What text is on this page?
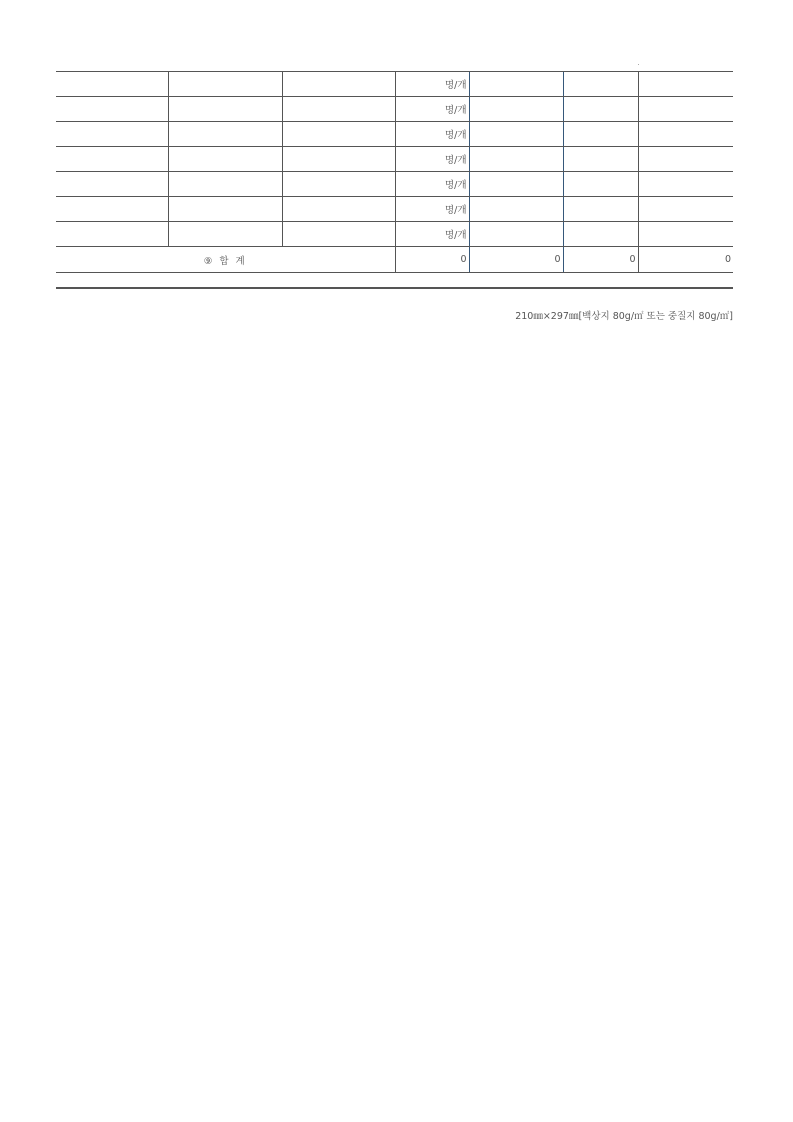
			명/개			
			명/개			
			명/개			
			명/개			
			명/개			
			명/개			
			명/개			
⑨ 합 계			0	0	0	0
210㎜×297㎜[백상지 80g/㎡ 또는 중질지 80g/㎡]
